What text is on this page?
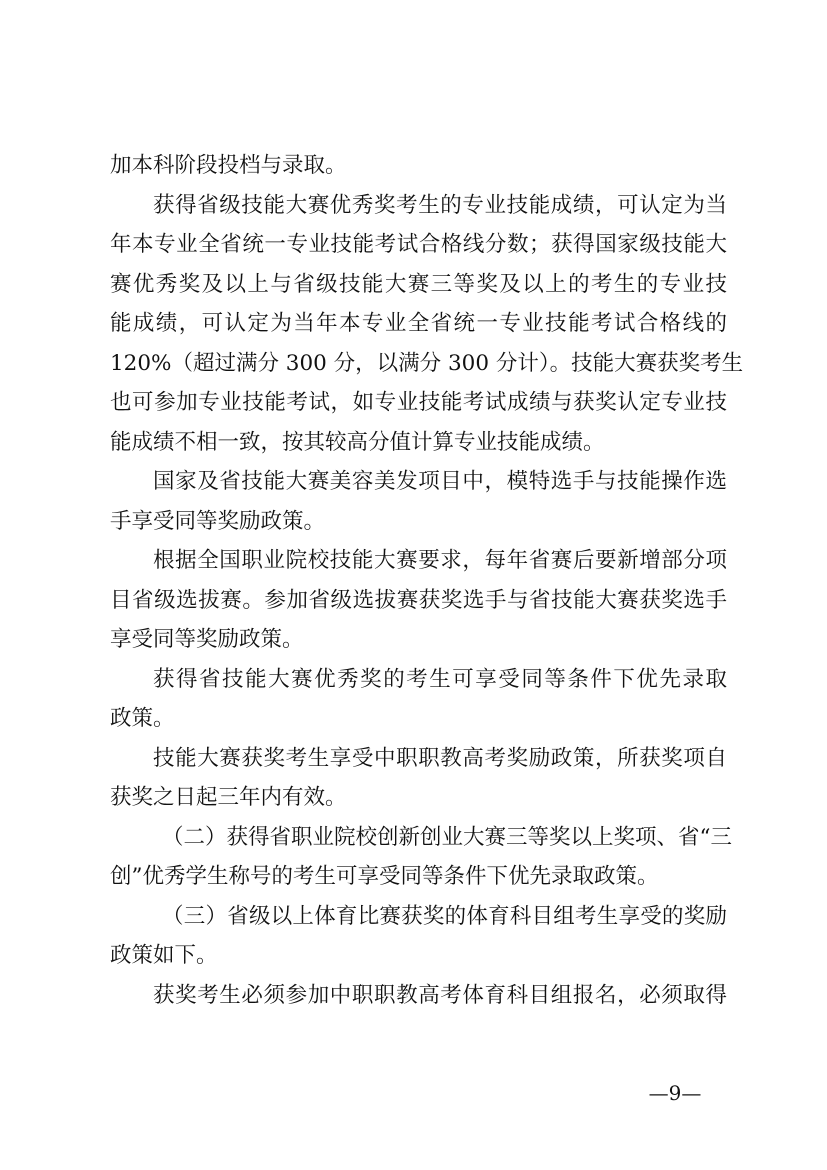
加本科阶段投档与录取。
获得省级技能大赛优秀奖考生的专业技能成绩，可认定为当
年本专业全省统一专业技能考试合格线分数；获得国家级技能大
赛优秀奖及以上与省级技能大赛三等奖及以上的考生的专业技
能成绩，可认定为当年本专业全省统一专业技能考试合格线的
120%（超过满分 300 分，以满分 300 分计）。技能大赛获奖考生
也可参加专业技能考试，如专业技能考试成绩与获奖认定专业技
能成绩不相一致，按其较高分值计算专业技能成绩。
国家及省技能大赛美容美发项目中，模特选手与技能操作选
手享受同等奖励政策。
根据全国职业院校技能大赛要求，每年省赛后要新增部分项
目省级选拔赛。参加省级选拔赛获奖选手与省技能大赛获奖选手
享受同等奖励政策。
获得省技能大赛优秀奖的考生可享受同等条件下优先录取
政策。
技能大赛获奖考生享受中职职教高考奖励政策，所获奖项自
获奖之日起三年内有效。
（二）获得省职业院校创新创业大赛三等奖以上奖项、省“三
创”优秀学生称号的考生可享受同等条件下优先录取政策。
（三）省级以上体育比赛获奖的体育科目组考生享受的奖励
政策如下。
获奖考生必须参加中职职教高考体育科目组报名，必须取得
—9—
